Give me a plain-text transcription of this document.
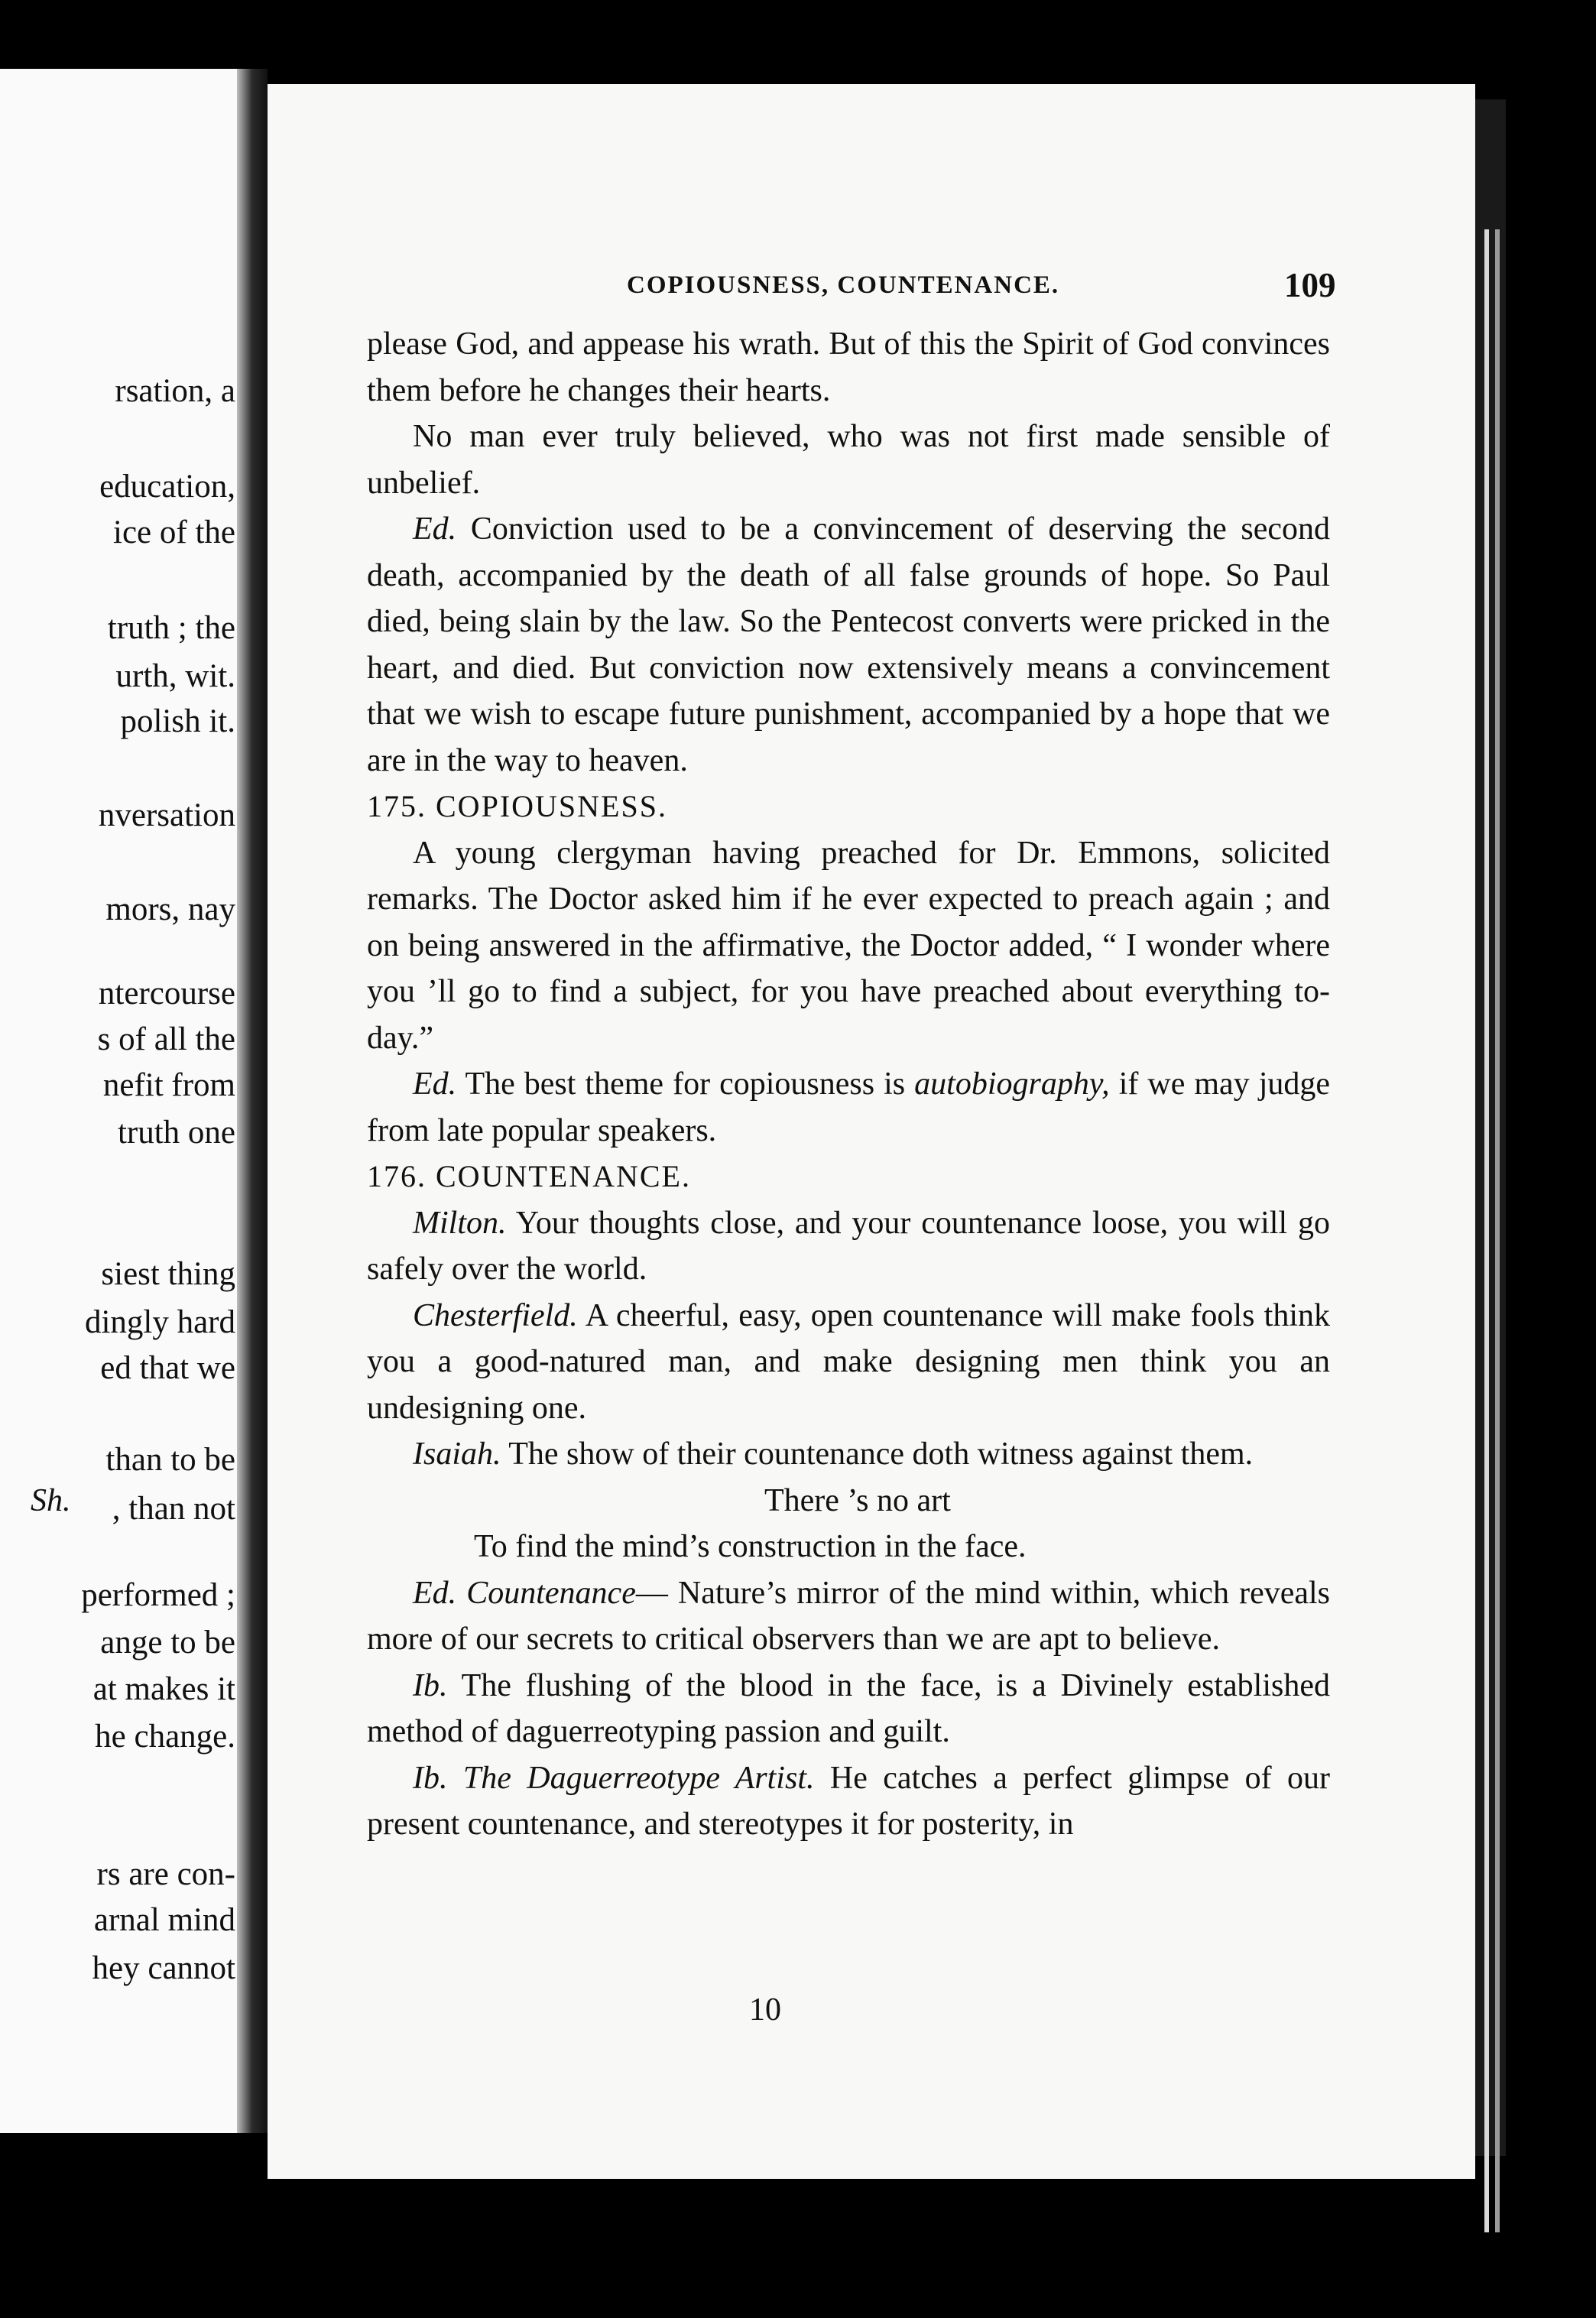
rsation, a
education,
ice of the
truth ; the
urth, wit.
polish it.
nversation
mors, nay
ntercourse
s of all the
nefit from
truth one
siest thing
dingly hard
ed that we
than to be
, than not
performed ;
ange to be
at makes it
he change.
rs are con-
arnal mind
hey cannot
COPIOUSNESS, COUNTENANCE.	109

please God, and appease his wrath. But of this the Spirit of God convinces them before he changes their hearts.

No man ever truly believed, who was not first made sensible of unbelief.

Ed. Conviction used to be a convincement of deserving the second death, accompanied by the death of all false grounds of hope. So Paul died, being slain by the law. So the Pentecost converts were pricked in the heart, and died. But conviction now extensively means a convincement that we wish to escape future punishment, accompanied by a hope that we are in the way to heaven.

175. COPIOUSNESS.

A young clergyman having preached for Dr. Emmons, solicited remarks. The Doctor asked him if he ever expected to preach again ; and on being answered in the affirmative, the Doctor added, “ I wonder where you ’ll go to find a subject, for you have preached about everything to-day.”

Ed. The best theme for copiousness is autobiography, if we may judge from late popular speakers.

176. COUNTENANCE.

Milton. Your thoughts close, and your countenance loose, you will go safely over the world.

Chesterfield. A cheerful, easy, open countenance will make fools think you a good-natured man, and make designing men think you an undesigning one.

Isaiah. The show of their countenance doth witness against them.

There ’s no art

To find the mind’s construction in the face.

Ed. Countenance— Nature’s mirror of the mind within, which reveals more of our secrets to critical observers than we are apt to believe.

Ib. The flushing of the blood in the face, is a Divinely established method of daguerreotyping passion and guilt.

Ib. The Daguerreotype Artist. He catches a perfect glimpse of our present countenance, and stereotypes it for posterity, in

10
